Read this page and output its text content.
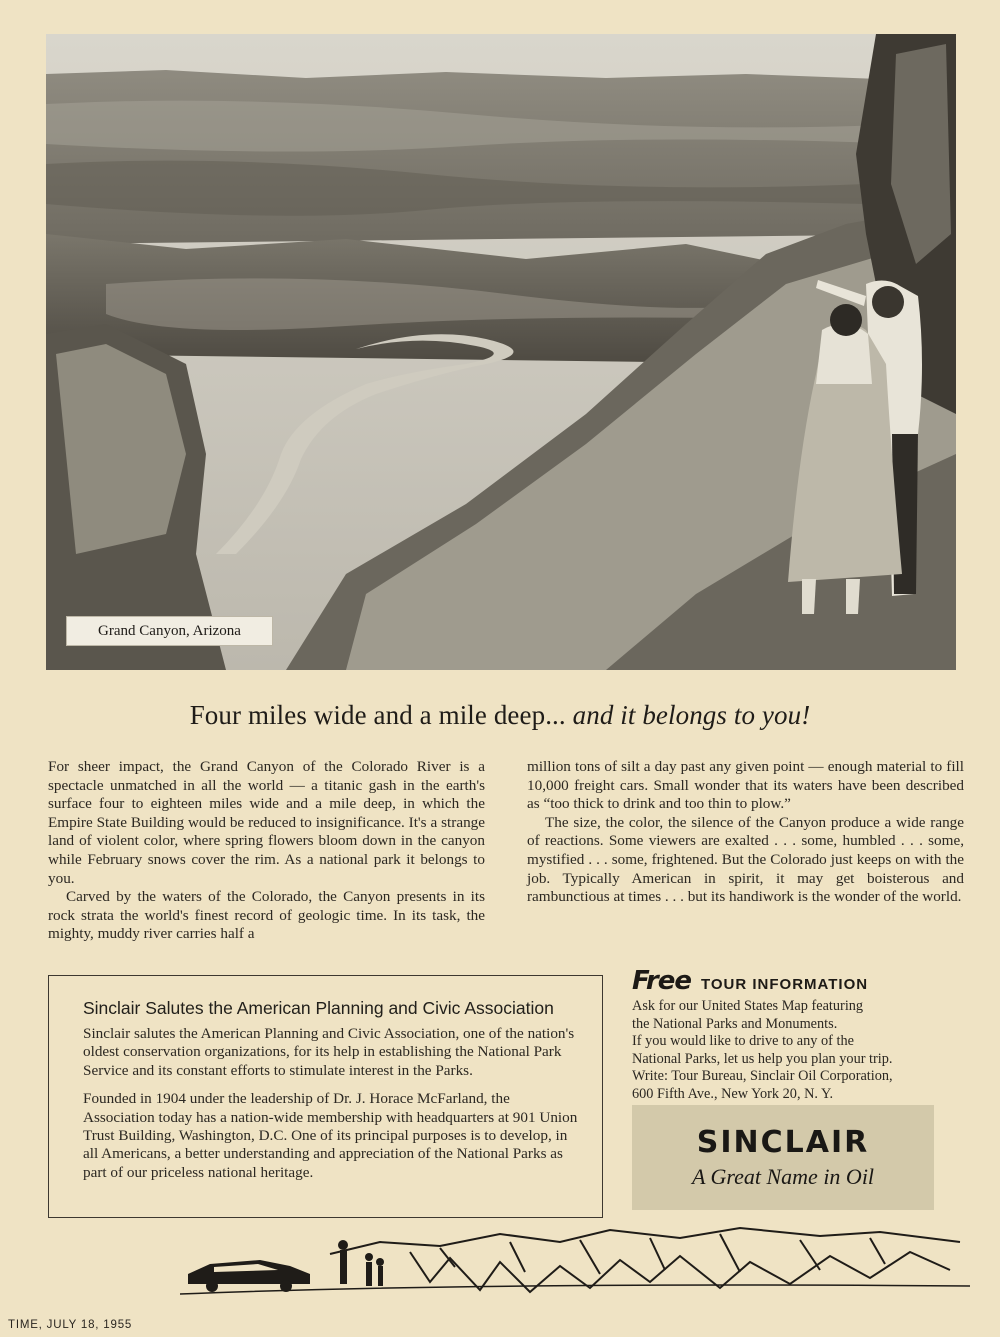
Grand Canyon, Arizona
Four miles wide and a mile deep... and it belongs to you!

For sheer impact, the Grand Canyon of the Colorado River is a spectacle unmatched in all the world — a titanic gash in the earth's surface four to eighteen miles wide and a mile deep, in which the Empire State Building would be reduced to insignificance. It's a strange land of violent color, where spring flowers bloom down in the canyon while February snows cover the rim. As a national park it belongs to you.

Carved by the waters of the Colorado, the Canyon presents in its rock strata the world's finest record of geologic time. In its task, the mighty, muddy river carries half a

million tons of silt a day past any given point — enough material to fill 10,000 freight cars. Small wonder that its waters have been described as “too thick to drink and too thin to plow.”

The size, the color, the silence of the Canyon produce a wide range of reactions. Some viewers are exalted . . . some, humbled . . . some, mystified . . . some, frightened. But the Colorado just keeps on with the job. Typically American in spirit, it may get boisterous and rambunctious at times . . . but its handiwork is the wonder of the world.

Sinclair Salutes the American Planning and Civic Association

Sinclair salutes the American Planning and Civic Association, one of the nation's oldest conservation organizations, for its help in establishing the National Park Service and its constant efforts to stimulate interest in the Parks.

Founded in 1904 under the leadership of Dr. J. Horace McFarland, the Association today has a nation-wide membership with headquarters at 901 Union Trust Building, Washington, D.C. One of its principal purposes is to develop, in all Americans, a better understanding and appreciation of the National Parks as part of our priceless national heritage.

Free TOUR INFORMATION
Ask for our United States Map featuring
the National Parks and Monuments.
If you would like to drive to any of the
National Parks, let us help you plan your trip.
Write: Tour Bureau, Sinclair Oil Corporation,
600 Fifth Ave., New York 20, N. Y.
SINCLAIR
A Great Name in Oil
TIME, JULY 18, 1955
